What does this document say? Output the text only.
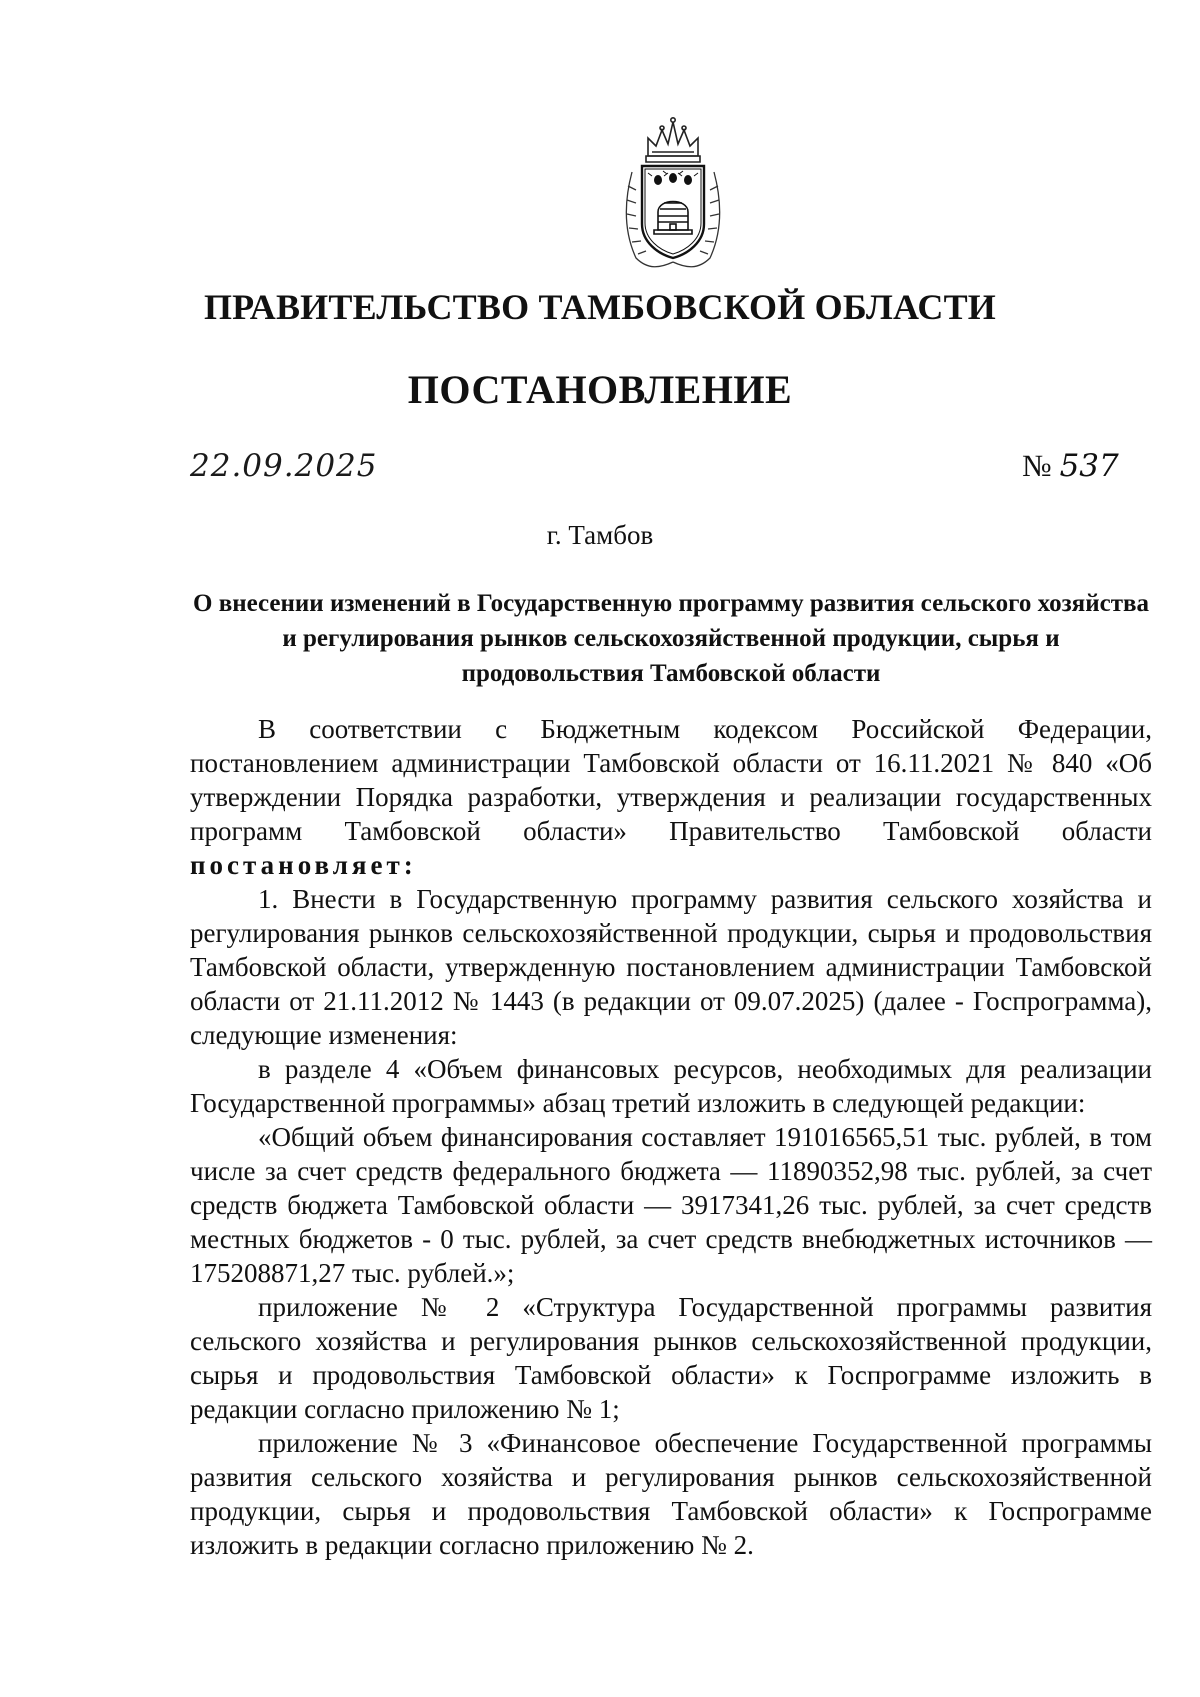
ПРАВИТЕЛЬСТВО ТАМБОВСКОЙ ОБЛАСТИ
ПОСТАНОВЛЕНИЕ
22.09.2025	№ 537
г. Тамбов
О внесении изменений в Государственную программу развития сельского хозяйства и регулирования рынков сельскохозяйственной продукции, сырья и продовольствия Тамбовской области

В соответствии с Бюджетным кодексом Российской Федерации, постановлением администрации Тамбовской области от 16.11.2021 № 840 «Об утверждении Порядка разработки, утверждения и реализации государственных программ Тамбовской области» Правительство Тамбовской области постановляет:

1. Внести в Государственную программу развития сельского хозяйства и регулирования рынков сельскохозяйственной продукции, сырья и продовольствия Тамбовской области, утвержденную постановлением администрации Тамбовской области от 21.11.2012 № 1443 (в редакции от 09.07.2025) (далее - Госпрограмма), следующие изменения:

в разделе 4 «Объем финансовых ресурсов, необходимых для реализации Государственной программы» абзац третий изложить в следующей редакции:

«Общий объем финансирования составляет 191016565,51 тыс. рублей, в том числе за счет средств федерального бюджета — 11890352,98 тыс. рублей, за счет средств бюджета Тамбовской области — 3917341,26 тыс. рублей, за счет средств местных бюджетов - 0 тыс. рублей, за счет средств внебюджетных источников — 175208871,27 тыс. рублей.»;

приложение № 2 «Структура Государственной программы развития сельского хозяйства и регулирования рынков сельскохозяйственной продукции, сырья и продовольствия Тамбовской области» к Госпрограмме изложить в редакции согласно приложению № 1;

приложение № 3 «Финансовое обеспечение Государственной программы развития сельского хозяйства и регулирования рынков сельскохозяйственной продукции, сырья и продовольствия Тамбовской области» к Госпрограмме изложить в редакции согласно приложению № 2.
